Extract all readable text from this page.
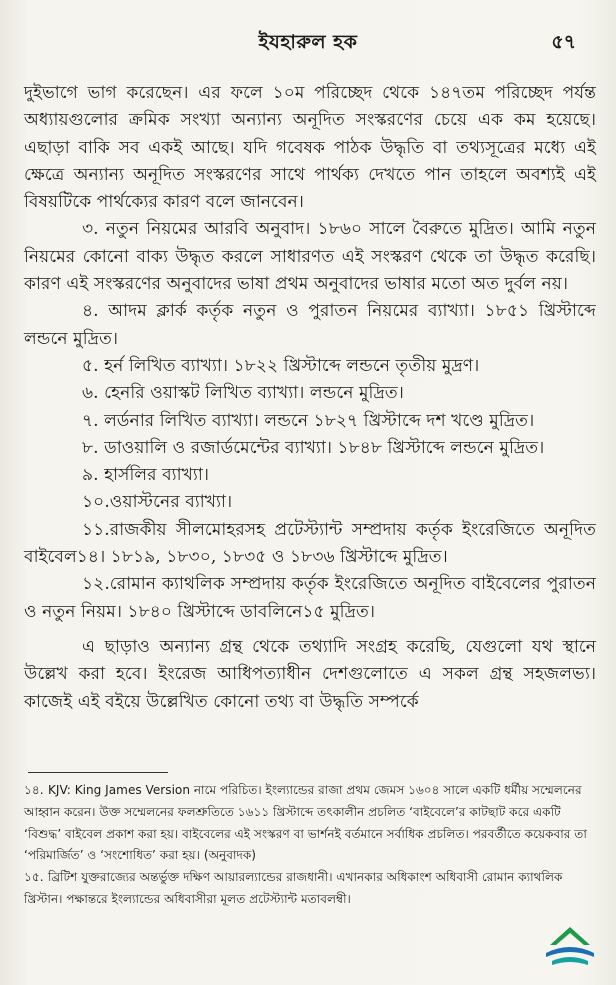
ইযহারুল হক	৫৭

দুইভাগে ভাগ করেছেন। এর ফলে ১০ম পরিচ্ছেদ থেকে ১৪৭তম পরিচ্ছেদ পর্যন্ত অধ্যায়গুলোর ক্রমিক সংখ্যা অন্যান্য অনূদিত সংস্করণের চেয়ে এক কম হয়েছে। এছাড়া বাকি সব একই আছে। যদি গবেষক পাঠক উদ্ধৃতি বা তথ্যসূত্রের মধ্যে এই ক্ষেত্রে অন্যান্য অনূদিত সংস্করণের সাথে পার্থক্য দেখতে পান তাহলে অবশ্যই এই বিষয়টিকে পার্থক্যের কারণ বলে জানবেন।

৩. নতুন নিয়মের আরবি অনুবাদ। ১৮৬০ সালে বৈরুতে মুদ্রিত। আমি নতুন নিয়মের কোনো বাক্য উদ্ধৃত করলে সাধারণত এই সংস্করণ থেকে তা উদ্ধৃত করেছি। কারণ এই সংস্করণের অনুবাদের ভাষা প্রথম অনুবাদের ভাষার মতো অত দুর্বল নয়।

৪. আদম ক্লার্ক কর্তৃক নতুন ও পুরাতন নিয়মের ব্যাখ্যা। ১৮৫১ খ্রিস্টাব্দে লন্ডনে মুদ্রিত।

৫. হর্ন লিখিত ব্যাখ্যা। ১৮২২ খ্রিস্টাব্দে লন্ডনে তৃতীয় মুদ্রণ।

৬. হেনরি ওয়াস্কট লিখিত ব্যাখ্যা। লন্ডনে মুদ্রিত।

৭. লর্ডনার লিখিত ব্যাখ্যা। লন্ডনে ১৮২৭ খ্রিস্টাব্দে দশ খণ্ডে মুদ্রিত।

৮. ডাওয়ালি ও রজার্ডমেন্টের ব্যাখ্যা। ১৮৪৮ খ্রিস্টাব্দে লন্ডনে মুদ্রিত।

৯. হার্সলির ব্যাখ্যা।

১০.ওয়াস্টনের ব্যাখ্যা।

১১.রাজকীয় সীলমোহরসহ প্রটেস্ট্যান্ট সম্প্রদায় কর্তৃক ইংরেজিতে অনূদিত বাইবেল১৪। ১৮১৯, ১৮৩০, ১৮৩৫ ও ১৮৩৬ খ্রিস্টাব্দে মুদ্রিত।

১২.রোমান ক্যাথলিক সম্প্রদায় কর্তৃক ইংরেজিতে অনূদিত বাইবেলের পুরাতন ও নতুন নিয়ম। ১৮৪০ খ্রিস্টাব্দে ডাবলিনে১৫ মুদ্রিত।

এ ছাড়াও অন্যান্য গ্রন্থ থেকে তথ্যাদি সংগ্রহ করেছি, যেগুলো যথ স্থানে উল্লেখ করা হবে। ইংরেজ আধিপত্যাধীন দেশগুলোতে এ সকল গ্রন্থ সহজলভ্য। কাজেই এই বইয়ে উল্লেখিত কোনো তথ্য বা উদ্ধৃতি সম্পর্কে

১৪. KJV: King James Version নামে পরিচিত। ইংল্যান্ডের রাজা প্রথম জেমস ১৬০৪ সালে একটি ধর্মীয় সম্মেলনের আহ্বান করেন। উক্ত সম্মেলনের ফলশ্রুতিতে ১৬১১ খ্রিস্টাব্দে তৎকালীন প্রচলিত ‘বাইবেলে’র কাটছাট করে একটি ‘বিশুদ্ধ’ বাইবেল প্রকাশ করা হয়। বাইবেলের এই সংস্করণ বা ভার্শনই বর্তমানে সর্বাধিক প্রচলিত। পরবর্তীতে কয়েকবার তা ‘পরিমার্জিত’ ও ‘সংশোধিত’ করা হয়। (অনুবাদক)

১৫. ব্রিটিশ যুক্তরাজ্যের অন্তর্ভুক্ত দক্ষিণ আয়ারল্যান্ডের রাজধানী। এখানকার অধিকাংশ অধিবাসী রোমান ক্যাথলিক খ্রিস্টান। পক্ষান্তরে ইংল্যান্ডের অধিবাসীরা মূলত প্রটেস্ট্যান্ট মতাবলম্বী।
